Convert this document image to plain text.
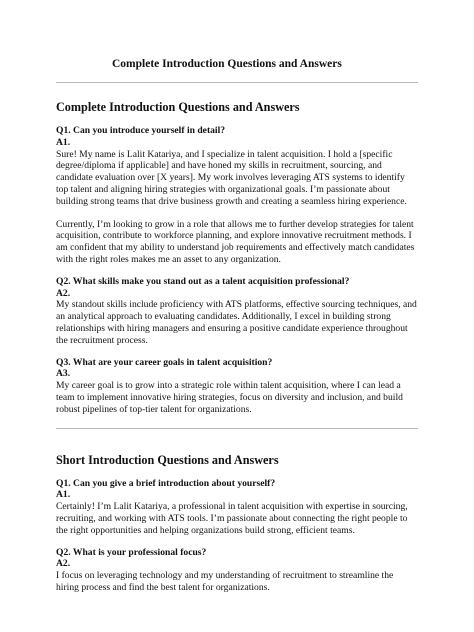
Complete Introduction Questions and Answers
Complete Introduction Questions and Answers
Q1. Can you introduce yourself in detail?
A1.

Sure! My name is Lalit Katariya, and I specialize in talent acquisition. I hold a [specific degree/diploma if applicable] and have honed my skills in recruitment, sourcing, and candidate evaluation over [X years]. My work involves leveraging ATS systems to identify top talent and aligning hiring strategies with organizational goals. I’m passionate about building strong teams that drive business growth and creating a seamless hiring experience.

Currently, I’m looking to grow in a role that allows me to further develop strategies for talent acquisition, contribute to workforce planning, and explore innovative recruitment methods. I am confident that my ability to understand job requirements and effectively match candidates with the right roles makes me an asset to any organization.

Q2. What skills make you stand out as a talent acquisition professional?
A2.

My standout skills include proficiency with ATS platforms, effective sourcing techniques, and an analytical approach to evaluating candidates. Additionally, I excel in building strong relationships with hiring managers and ensuring a positive candidate experience throughout the recruitment process.

Q3. What are your career goals in talent acquisition?
A3.

My career goal is to grow into a strategic role within talent acquisition, where I can lead a team to implement innovative hiring strategies, focus on diversity and inclusion, and build robust pipelines of top-tier talent for organizations.

Short Introduction Questions and Answers
Q1. Can you give a brief introduction about yourself?
A1.

Certainly! I’m Lalit Katariya, a professional in talent acquisition with expertise in sourcing, recruiting, and working with ATS tools. I’m passionate about connecting the right people to the right opportunities and helping organizations build strong, efficient teams.

Q2. What is your professional focus?
A2.

I focus on leveraging technology and my understanding of recruitment to streamline the hiring process and find the best talent for organizations.
